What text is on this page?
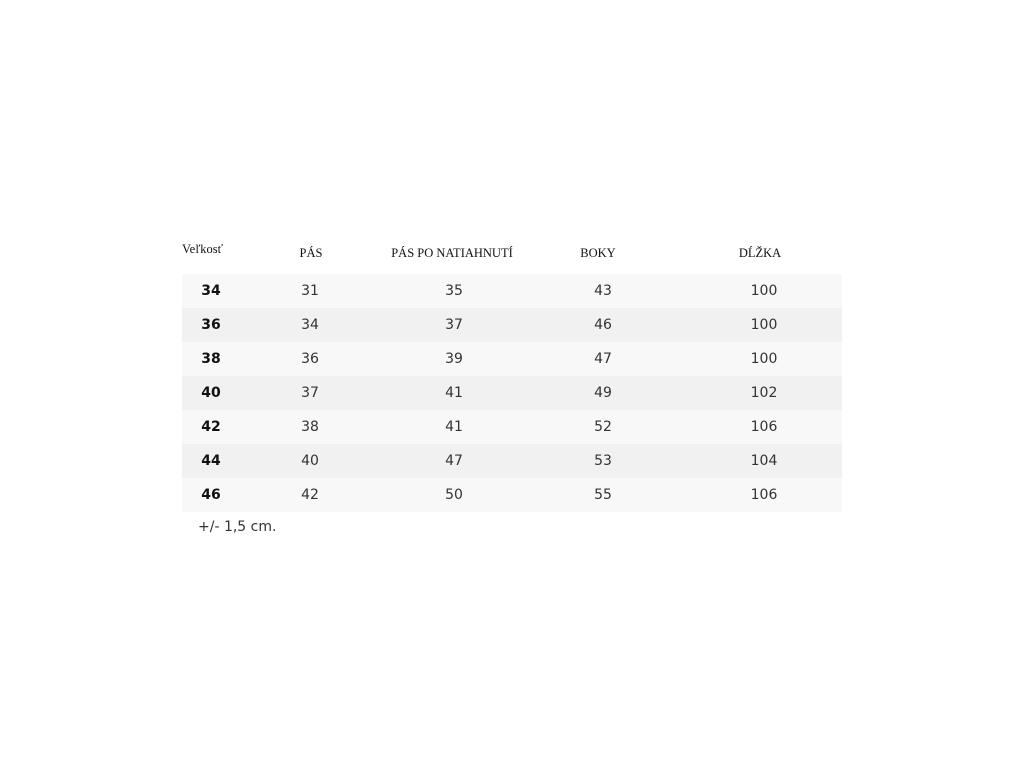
Veľkosť	PÁS	PÁS PO NATIAHNUTÍ	BOKY	DĹŽKA
34	31	35	43	100
36	34	37	46	100
38	36	39	47	100
40	37	41	49	102
42	38	41	52	106
44	40	47	53	104
46	42	50	55	106
+/- 1,5 cm.
